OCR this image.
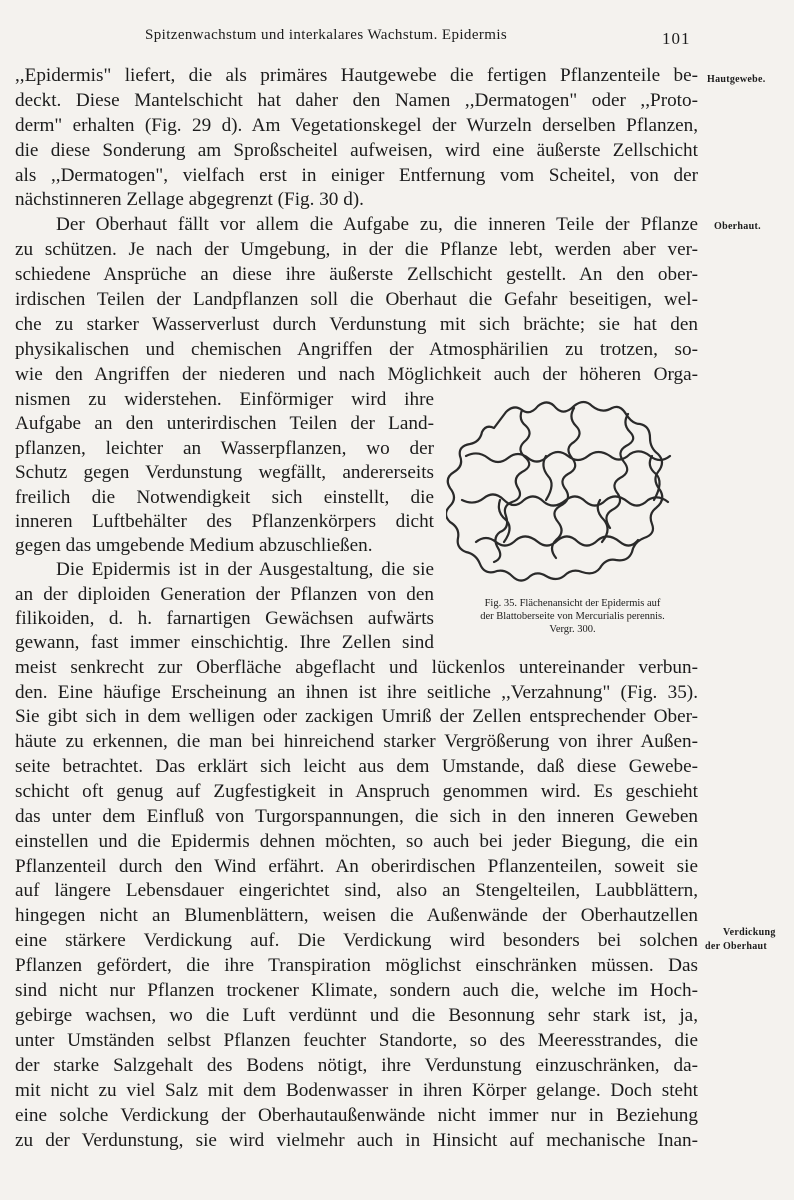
Spitzenwachstum und interkalares Wachstum. Epidermis	101
Hautgewebe.
Oberhaut.
Verdickung
der Oberhaut
,,Epidermis" liefert, die als primäres Hautgewebe die fertigen Pflanzenteile be-
deckt. Diese Mantelschicht hat daher den Namen ,,Dermatogen" oder ,,Proto-
derm" erhalten (Fig. 29 d). Am Vegetationskegel der Wurzeln derselben Pflanzen,
die diese Sonderung am Sproßscheitel aufweisen, wird eine äußerste Zellschicht
als ,,Dermatogen", vielfach erst in einiger Entfernung vom Scheitel, von der
nächstinneren Zellage abgegrenzt (Fig. 30 d).
Der Oberhaut fällt vor allem die Aufgabe zu, die inneren Teile der Pflanze
zu schützen. Je nach der Umgebung, in der die Pflanze lebt, werden aber ver-
schiedene Ansprüche an diese ihre äußerste Zellschicht gestellt. An den ober-
irdischen Teilen der Landpflanzen soll die Oberhaut die Gefahr beseitigen, wel-
che zu starker Wasserverlust durch Verdunstung mit sich brächte; sie hat den
physikalischen und chemischen Angriffen der Atmosphärilien zu trotzen, so-
wie den Angriffen der niederen und nach Möglichkeit auch der höheren Orga-
nismen zu widerstehen. Einförmiger wird ihre
Aufgabe an den unterirdischen Teilen der Land-
pflanzen, leichter an Wasserpflanzen, wo der
Schutz gegen Verdunstung wegfällt, andererseits
freilich die Notwendigkeit sich einstellt, die
inneren Luftbehälter des Pflanzenkörpers dicht
gegen das umgebende Medium abzuschließen.
Die Epidermis ist in der Ausgestaltung, die sie
an der diploiden Generation der Pflanzen von den
filikoiden, d. h. farnartigen Gewächsen aufwärts
gewann, fast immer einschichtig. Ihre Zellen sind
meist senkrecht zur Oberfläche abgeflacht und lückenlos untereinander verbun-
den. Eine häufige Erscheinung an ihnen ist ihre seitliche ,,Verzahnung" (Fig. 35).
Sie gibt sich in dem welligen oder zackigen Umriß der Zellen entsprechender Ober-
häute zu erkennen, die man bei hinreichend starker Vergrößerung von ihrer Außen-
seite betrachtet. Das erklärt sich leicht aus dem Umstande, daß diese Gewebe-
schicht oft genug auf Zugfestigkeit in Anspruch genommen wird. Es geschieht
das unter dem Einfluß von Turgorspannungen, die sich in den inneren Geweben
einstellen und die Epidermis dehnen möchten, so auch bei jeder Biegung, die ein
Pflanzenteil durch den Wind erfährt. An oberirdischen Pflanzenteilen, soweit sie
auf längere Lebensdauer eingerichtet sind, also an Stengelteilen, Laubblättern,
hingegen nicht an Blumenblättern, weisen die Außenwände der Oberhautzellen
eine stärkere Verdickung auf. Die Verdickung wird besonders bei solchen
Pflanzen gefördert, die ihre Transpiration möglichst einschränken müssen. Das
sind nicht nur Pflanzen trockener Klimate, sondern auch die, welche im Hoch-
gebirge wachsen, wo die Luft verdünnt und die Besonnung sehr stark ist, ja,
unter Umständen selbst Pflanzen feuchter Standorte, so des Meeresstrandes, die
der starke Salzgehalt des Bodens nötigt, ihre Verdunstung einzuschränken, da-
mit nicht zu viel Salz mit dem Bodenwasser in ihren Körper gelange. Doch steht
eine solche Verdickung der Oberhautaußenwände nicht immer nur in Beziehung
zu der Verdunstung, sie wird vielmehr auch in Hinsicht auf mechanische Inan-
Fig. 35. Flächenansicht der Epidermis auf
der Blattoberseite von Mercurialis perennis.
Vergr. 300.
